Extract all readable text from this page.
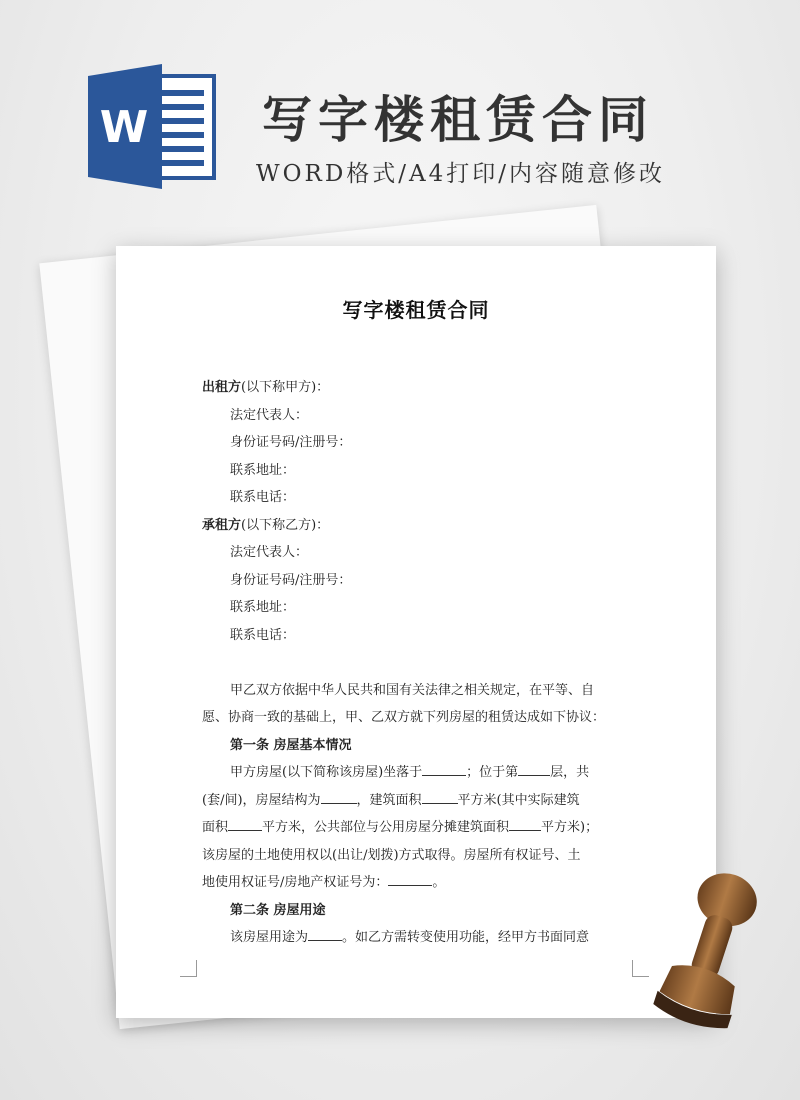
W 写字楼租赁合同
WORD格式/A4打印/内容随意修改
写字楼租赁合同
出租方(以下称甲方)：
法定代表人：
身份证号码/注册号：
联系地址：
联系电话：
承租方(以下称乙方)：
法定代表人：
身份证号码/注册号：
联系地址：
联系电话：
甲乙双方依据中华人民共和国有关法律之相关规定，在平等、自
愿、协商一致的基础上，甲、乙双方就下列房屋的租赁达成如下协议：
第一条 房屋基本情况
甲方房屋(以下简称该房屋)坐落于	；位于第 层，共
(套/间)，房屋结构为	，建筑面积	平方米(其中实际建筑
面积	平方米，公共部位与公用房屋分摊建筑面积 平方米)；
该房屋的土地使用权以(出让/划拨)方式取得。房屋所有权证号、土
地使用权证号/房地产权证号为：	。
第二条 房屋用途
该房屋用途为	。如乙方需转变使用功能，经甲方书面同意
